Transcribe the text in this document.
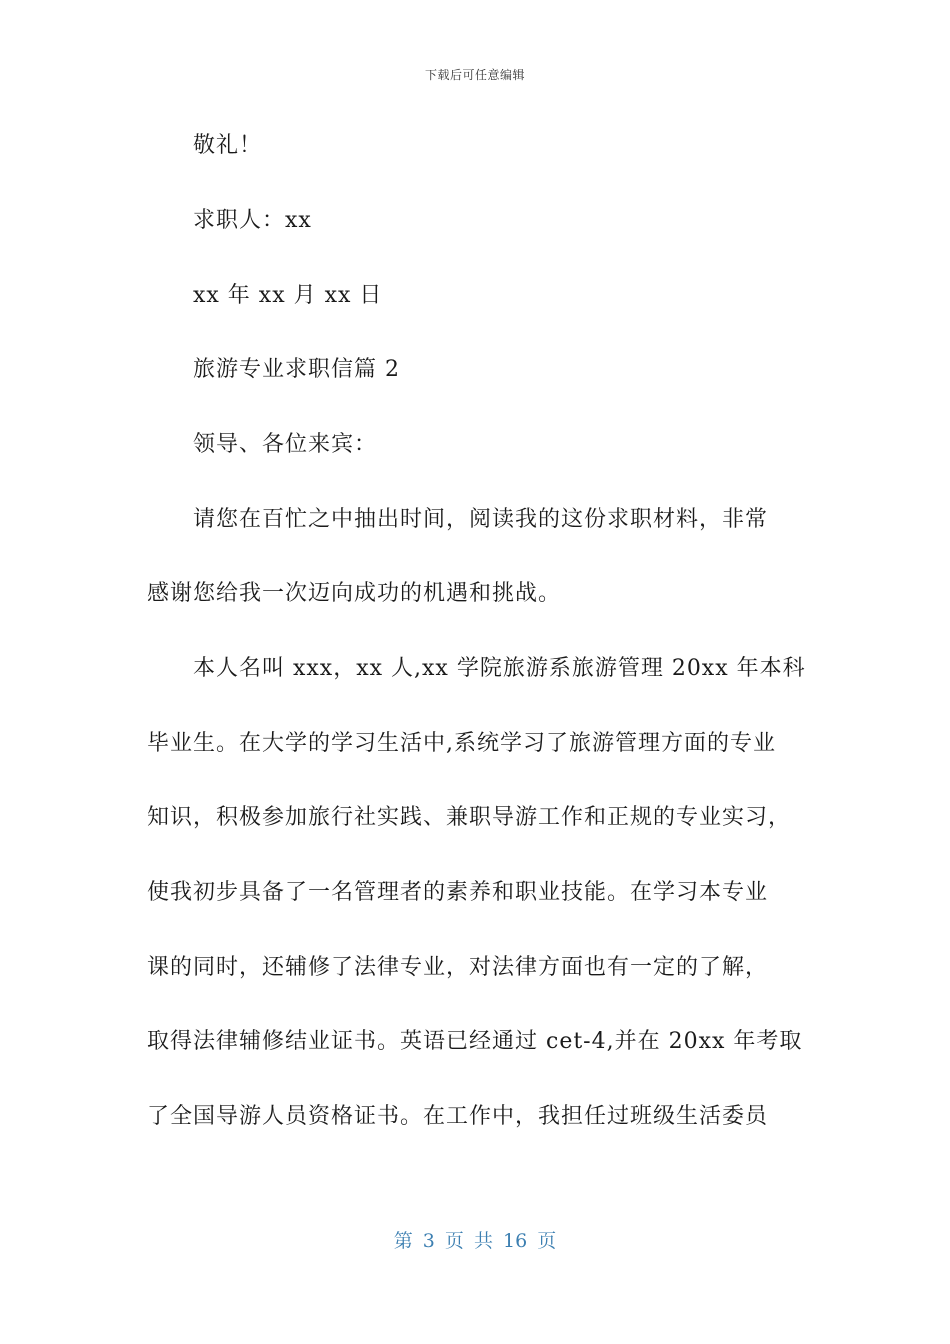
下载后可任意编辑
敬礼！
求职人：xx
xx 年 xx 月 xx 日
旅游专业求职信篇 2
领导、各位来宾：
请您在百忙之中抽出时间，阅读我的这份求职材料，非常
感谢您给我一次迈向成功的机遇和挑战。
本人名叫 xxx，xx 人,xx 学院旅游系旅游管理 20xx 年本科
毕业生。在大学的学习生活中,系统学习了旅游管理方面的专业
知识，积极参加旅行社实践、兼职导游工作和正规的专业实习，
使我初步具备了一名管理者的素养和职业技能。在学习本专业
课的同时，还辅修了法律专业，对法律方面也有一定的了解，
取得法律辅修结业证书。英语已经通过 cet-4,并在 20xx 年考取
了全国导游人员资格证书。在工作中，我担任过班级生活委员
第 3 页 共 16 页
